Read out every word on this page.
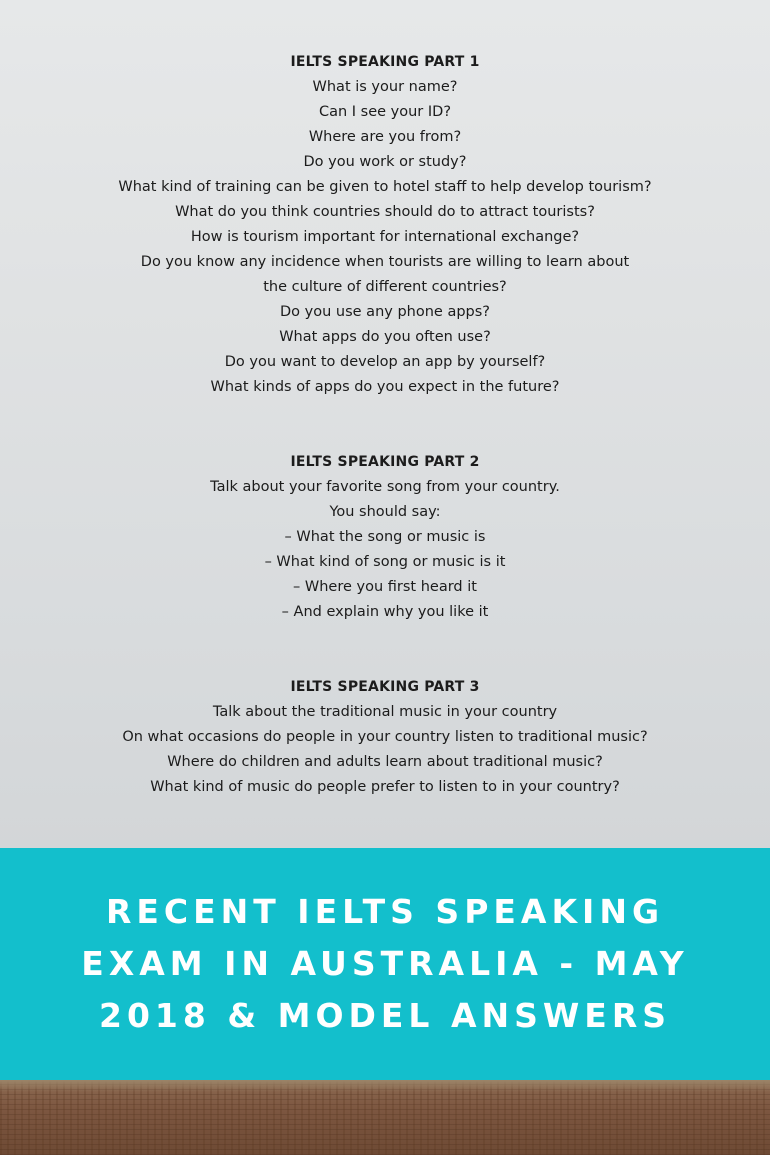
IELTS SPEAKING PART 1
What is your name?
Can I see your ID?
Where are you from?
Do you work or study?
What kind of training can be given to hotel staff to help develop tourism?
What do you think countries should do to attract tourists?
How is tourism important for international exchange?
Do you know any incidence when tourists are willing to learn about
the culture of different countries?
Do you use any phone apps?
What apps do you often use?
Do you want to develop an app by yourself?
What kinds of apps do you expect in the future?
IELTS SPEAKING PART 2
Talk about your favorite song from your country.
You should say:
– What the song or music is
– What kind of song or music is it
– Where you first heard it
– And explain why you like it
IELTS SPEAKING PART 3
Talk about the traditional music in your country
On what occasions do people in your country listen to traditional music?
Where do children and adults learn about traditional music?
What kind of music do people prefer to listen to in your country?
RECENT IELTS SPEAKING
EXAM IN AUSTRALIA - MAY
2018 & MODEL ANSWERS
